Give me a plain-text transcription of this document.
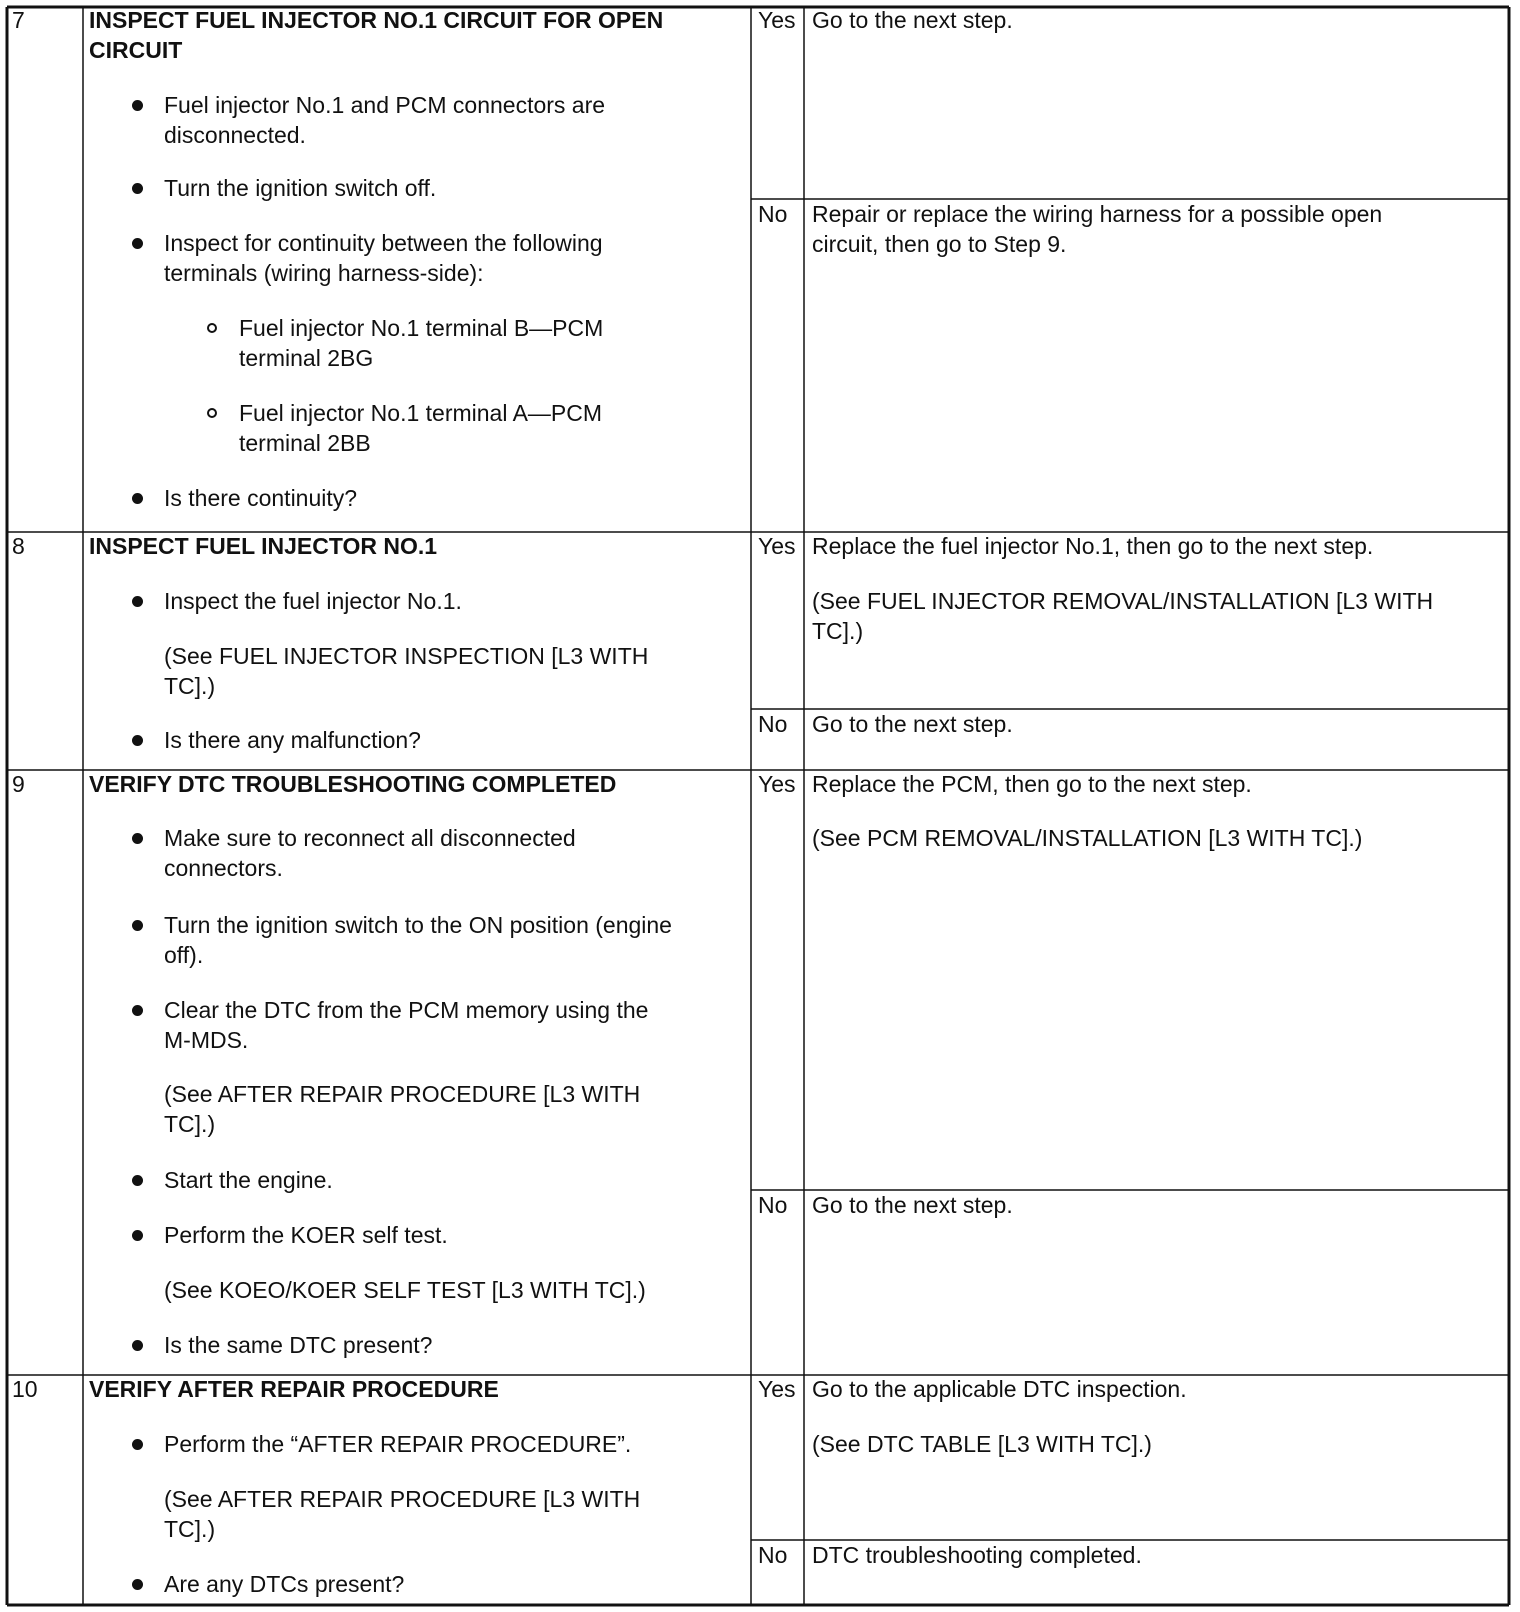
7	INSPECT FUEL INJECTOR NO.1 CIRCUIT FOR OPEN
CIRCUIT
Fuel injector No.1 and PCM connectors are
disconnected.
Turn the ignition switch off.
Inspect for continuity between the following
terminals (wiring harness-side):
Fuel injector No.1 terminal B—PCM
terminal 2BG
Fuel injector No.1 terminal A—PCM
terminal 2BB
Is there continuity?
Yes Go to the next step.
No Repair or replace the wiring harness for a possible open
circuit, then go to Step 9.
8	INSPECT FUEL INJECTOR NO.1
Inspect the fuel injector No.1.
(See FUEL INJECTOR INSPECTION [L3 WITH
TC].)
Is there any malfunction?
Yes Replace the fuel injector No.1, then go to the next step.
(See FUEL INJECTOR REMOVAL/INSTALLATION [L3 WITH
TC].)
No Go to the next step.
9	VERIFY DTC TROUBLESHOOTING COMPLETED
Make sure to reconnect all disconnected
connectors.
Turn the ignition switch to the ON position (engine
off).
Clear the DTC from the PCM memory using the
M-MDS.
(See AFTER REPAIR PROCEDURE [L3 WITH
TC].)
Start the engine.
Perform the KOER self test.
(See KOEO/KOER SELF TEST [L3 WITH TC].)
Is the same DTC present?
Yes Replace the PCM, then go to the next step.
(See PCM REMOVAL/INSTALLATION [L3 WITH TC].)
No Go to the next step.
10 VERIFY AFTER REPAIR PROCEDURE
Perform the “AFTER REPAIR PROCEDURE”.
(See AFTER REPAIR PROCEDURE [L3 WITH
TC].)
Are any DTCs present?
Yes Go to the applicable DTC inspection.
(See DTC TABLE [L3 WITH TC].)
No DTC troubleshooting completed.
